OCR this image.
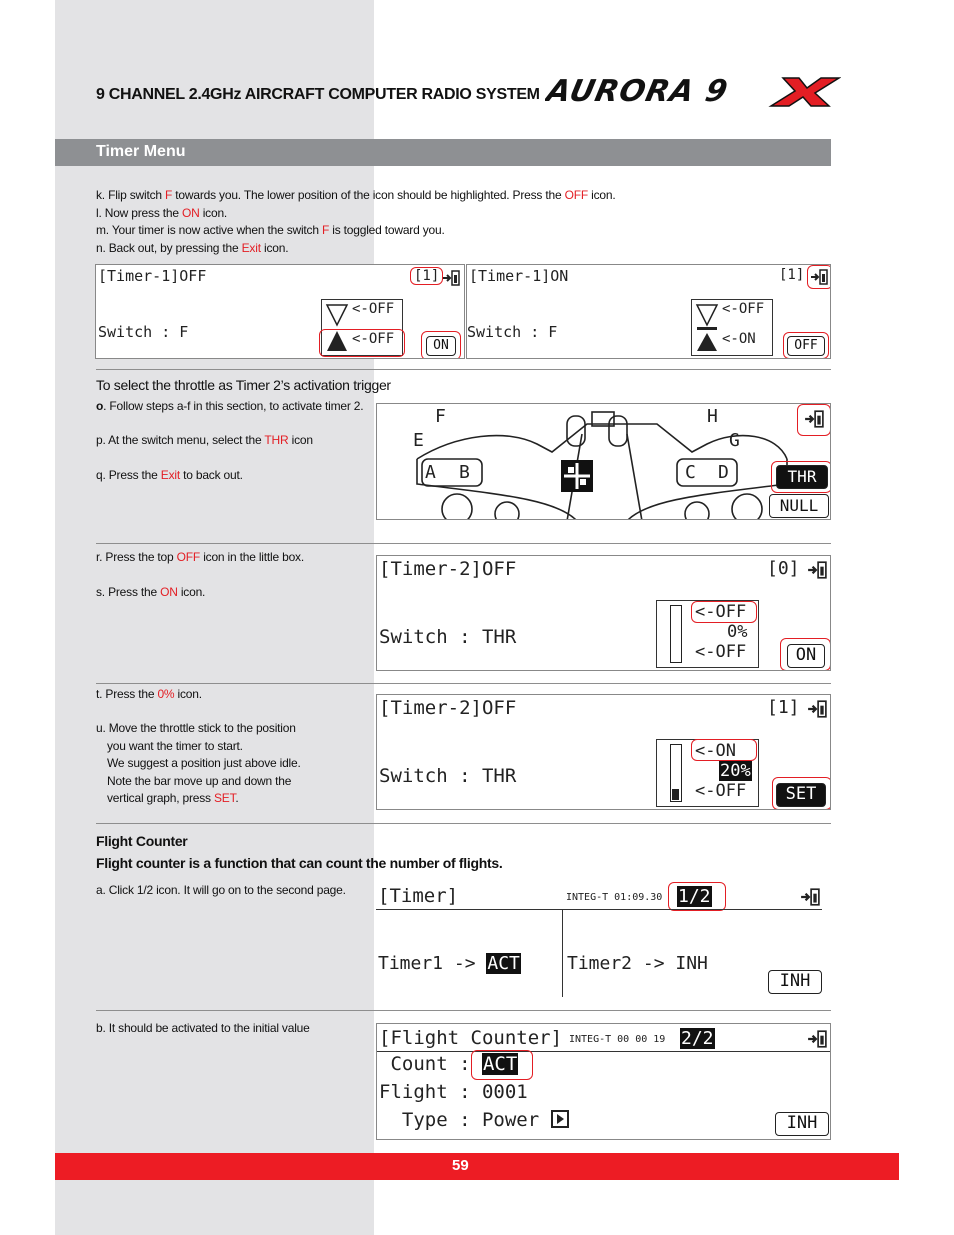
9 CHANNEL 2.4GHz AIRCRAFT COMPUTER RADIO SYSTEM AURORA 9
Timer Menu
k. Flip switch F towards you. The lower position of the icon should be highlighted. Press the OFF icon.
l. Now press the ON icon.
m. Your timer is now active when the switch F is toggled toward you.
n. Back out, by pressing the Exit icon.
[Timer-1]OFF	[1]
Switch : F
<-OFF
<-OFF	ON
[Timer-1]ON	[1]
Switch : F
<-OFF
<-ON	OFF
To select the throttle as Timer 2’s activation trigger
o. Follow steps a-f in this section, to activate timer 2.
p. At the switch menu, select the THR icon
q. Press the Exit to back out.
F
E
H
G
A B	C D	THR
NULL
r. Press the top OFF icon in the little box.
s. Press the ON icon.
[Timer-2]OFF	[0]
Switch : THR
<-OFF
0%
<-OFF	ON
t. Press the 0% icon.
u. Move the throttle stick to the position
you want the timer to start.
We suggest a position just above idle.
Note the bar move up and down the
vertical graph, press SET.
[Timer-2]OFF	[1]
Switch : THR
<-ON
20%
<-OFF	SET
Flight Counter
Flight counter is a function that can count the number of flights.
a. Click 1/2 icon. It will go on to the second page. [Timer]	INTEG-T 01:09.30 1/2

Timer1 -> ACT

	Timer2 -> INH

INH
b. It should be activated to the initial value	[Flight Counter] INTEG-T 00 00 19 2/2
Count : ACT
Flight : 0001
Type : Power	INH
59
